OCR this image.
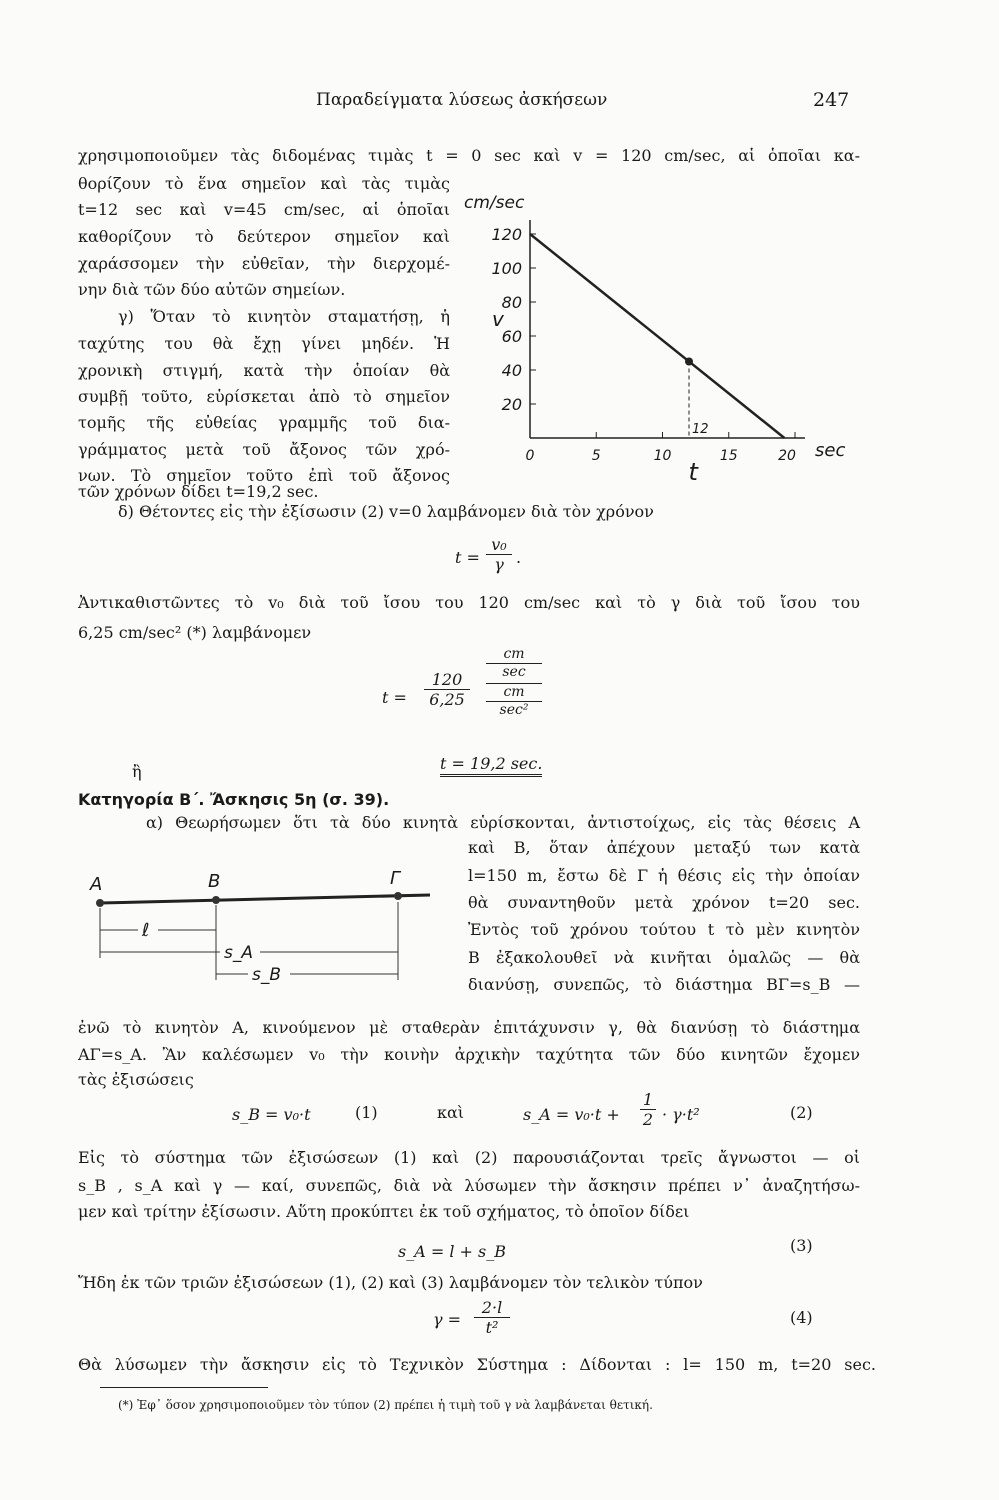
Παραδείγματα λύσεως ἀσκήσεων	247
χρησιμοποιοῦμεν τὰς διδομένας τιμὰς t = 0 sec καὶ v = 120 cm/sec, αἱ ὁποῖαι κα-
θορίζουν τὸ ἕνα σημεῖον καὶ τὰς τιμὰς
t=12 sec καὶ v=45 cm/sec, αἱ ὁποῖαι
καθορίζουν τὸ δεύτερον σημεῖον καὶ
χαράσσομεν τὴν εὐθεῖαν, τὴν διερχομέ-
νην διὰ τῶν δύο αὐτῶν σημείων.
γ) Ὅταν τὸ κινητὸν σταματήσῃ, ἡ
ταχύτης του θὰ ἔχῃ γίνει μηδέν. Ἡ
χρονικὴ στιγμή, κατὰ τὴν ὁποίαν θὰ
συμβῇ τοῦτο, εὑρίσκεται ἀπὸ τὸ σημεῖον
τομῆς τῆς εὐθείας γραμμῆς τοῦ δια-
γράμματος μετὰ τοῦ ἄξονος τῶν χρό-
νων. Τὸ σημεῖον τοῦτο ἐπὶ τοῦ ἄξονος
τῶν χρόνων δίδει t=19,2 sec.
δ) Θέτοντες εἰς τὴν ἐξίσωσιν (2) v=0 λαμβάνομεν διὰ τὸν χρόνον
20
40
60
80
100
120
0	5	10	15	20
cm/sec
v
sec
t
12
$t = \frac{\text{v₀}}{\gamma}$ .
Ἀντικαθιστῶντες τὸ v₀ διὰ τοῦ ἴσου του 120 cm/sec καὶ τὸ γ διὰ τοῦ ἴσου του
6,25 cm/sec² (*) λαμβάνομεν
$t = \frac{120}{6,25}$
cm
sec
cm
sec²
ἢ	t = 19,2 sec.
Κατηγορία Β΄. Ἄσκησις 5η (σ. 39).
α) Θεωρήσωμεν ὅτι τὰ δύο κινητὰ εὑρίσκονται, ἀντιστοίχως, εἰς τὰς θέσεις A
καὶ B, ὅταν ἀπέχουν μεταξύ των κατὰ
l=150 m, ἔστω δὲ Γ ἡ θέσις εἰς τὴν ὁποίαν
θὰ συναντηθοῦν μετὰ χρόνον t=20 sec.
Ἐντὸς τοῦ χρόνου τούτου t τὸ μὲν κινητὸν
B ἐξακολουθεῖ νὰ κινῆται ὁμαλῶς — θὰ
διανύσῃ, συνεπῶς, τὸ διάστημα BΓ=s_B —
ἐνῶ τὸ κινητὸν A, κινούμενον μὲ σταθερὰν ἐπιτάχυνσιν γ, θὰ διανύσῃ τὸ διάστημα
AΓ=s_A. Ἂν καλέσωμεν v₀ τὴν κοινὴν ἀρχικὴν ταχύτητα τῶν δύο κινητῶν ἔχομεν
τὰς ἐξισώσεις
A	B	Γ
ℓ
s_A
s_B
s_B = v₀·t	(1)	καὶ	s_A = $v_0\cdot t + \frac{1}{2} \cdot \gamma\cdot t^2$	(2)
Εἰς τὸ σύστημα τῶν ἐξισώσεων (1) καὶ (2) παρουσιάζονται τρεῖς ἄγνωστοι — οἱ
s_B , s_A καὶ γ — καί, συνεπῶς, διὰ νὰ λύσωμεν τὴν ἄσκησιν πρέπει ν᾽ ἀναζητήσω-
μεν καὶ τρίτην ἐξίσωσιν. Αὕτη προκύπτει ἐκ τοῦ σχήματος, τὸ ὁποῖον δίδει
s_A = l + s_B	(3)
Ἤδη ἐκ τῶν τριῶν ἐξισώσεων (1), (2) καὶ (3) λαμβάνομεν τὸν τελικὸν τύπον
$\gamma = \frac{2\cdot l}{\text{t²}}$	(4)
Θὰ λύσωμεν τὴν ἄσκησιν εἰς τὸ Τεχνικὸν Σύστημα : Δίδονται : l= 150 m, t=20 sec.
(*) Ἐφ᾽ ὅσον χρησιμοποιοῦμεν τὸν τύπον (2) πρέπει ἡ τιμὴ τοῦ γ νὰ λαμβάνεται θετική.
